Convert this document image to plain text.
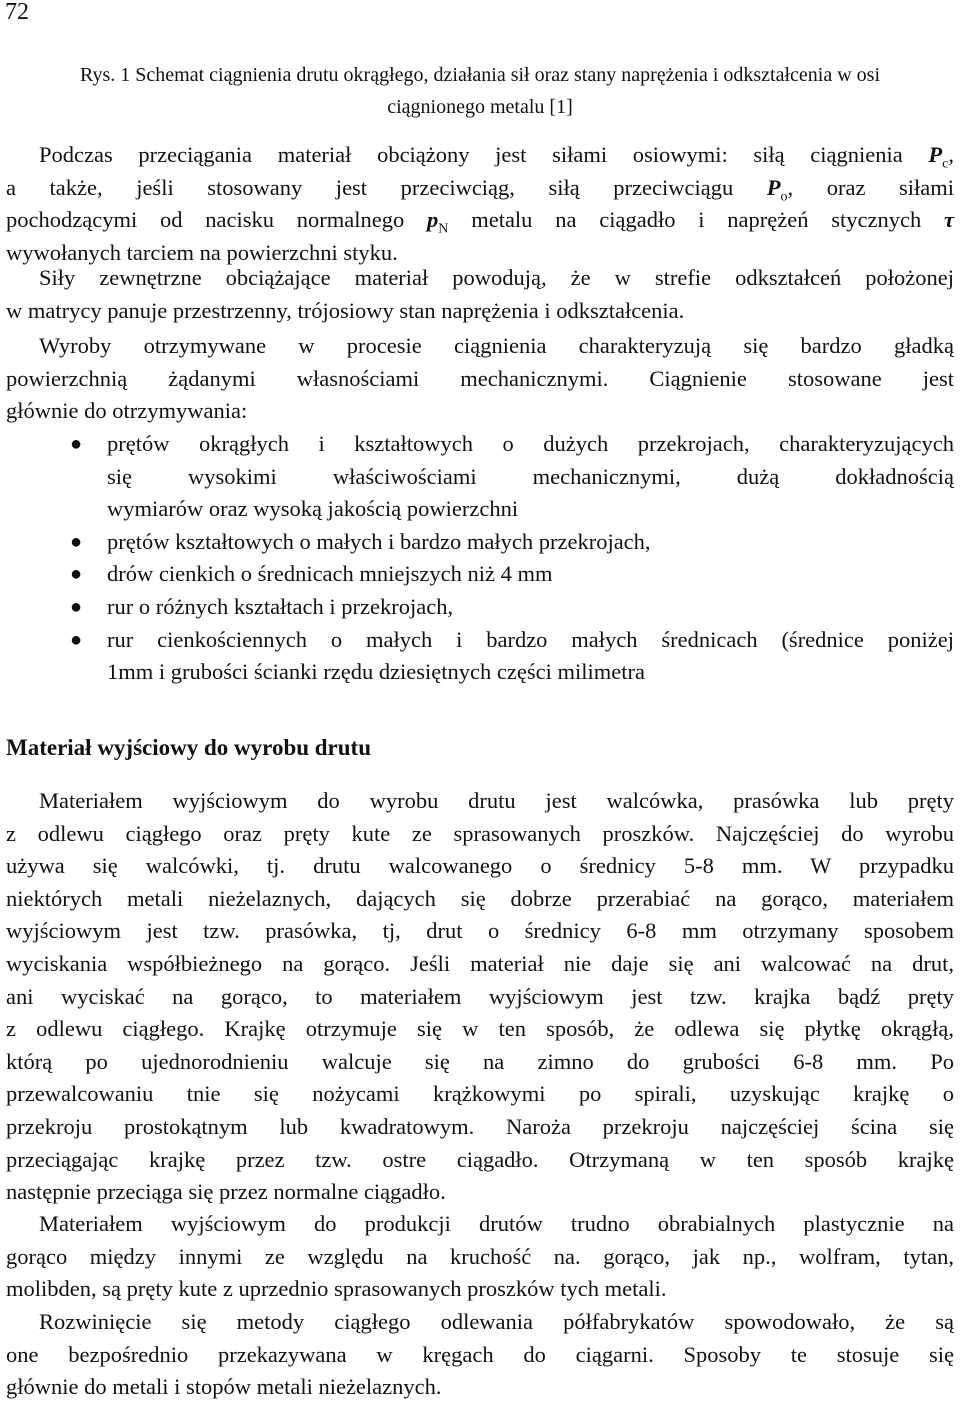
72
Rys. 1 Schemat ciągnienia drutu okrągłego, działania sił oraz stany naprężenia i odkształcenia w osi
ciągnionego metalu [1]
Podczas przeciągania materiał obciążony jest siłami osiowymi: siłą ciągnienia $P_c$,
a także, jeśli stosowany jest przeciwciąg, siłą przeciwciągu $P_o$, oraz siłami
pochodzącymi od nacisku normalnego $p_N$ metalu na ciągadło i naprężeń stycznych τ
wywołanych tarciem na powierzchni styku.
Siły zewnętrzne obciążające materiał powodują, że w strefie odkształceń położonej
w matrycy panuje przestrzenny, trójosiowy stan naprężenia i odkształcenia.
Wyroby otrzymywane w procesie ciągnienia charakteryzują się bardzo gładką
powierzchnią żądanymi własnościami mechanicznymi. Ciągnienie stosowane jest
głównie do otrzymywania:
● prętów okrągłych i kształtowych o dużych przekrojach, charakteryzujących
się wysokimi właściwościami mechanicznymi, dużą dokładnością
wymiarów oraz wysoką jakością powierzchni
● prętów kształtowych o małych i bardzo małych przekrojach,
● drów cienkich o średnicach mniejszych niż 4 mm
● rur o różnych kształtach i przekrojach,
● rur cienkościennych o małych i bardzo małych średnicach (średnice poniżej
1mm i grubości ścianki rzędu dziesiętnych części milimetra
Materiał wyjściowy do wyrobu drutu
Materiałem wyjściowym do wyrobu drutu jest walcówka, prasówka lub pręty
z odlewu ciągłego oraz pręty kute ze sprasowanych proszków. Najczęściej do wyrobu
używa się walcówki, tj. drutu walcowanego o średnicy 5-8 mm. W przypadku
niektórych metali nieżelaznych, dających się dobrze przerabiać na gorąco, materiałem
wyjściowym jest tzw. prasówka, tj, drut o średnicy 6-8 mm otrzymany sposobem
wyciskania współbieżnego na gorąco. Jeśli materiał nie daje się ani walcować na drut,
ani wyciskać na gorąco, to materiałem wyjściowym jest tzw. krajka bądź pręty
z odlewu ciągłego. Krajkę otrzymuje się w ten sposób, że odlewa się płytkę okrągłą,
którą po ujednorodnieniu walcuje się na zimno do grubości 6-8 mm. Po
przewalcowaniu tnie się nożycami krążkowymi po spirali, uzyskując krajkę o
przekroju prostokątnym lub kwadratowym. Naroża przekroju najczęściej ścina się
przeciągając krajkę przez tzw. ostre ciągadło. Otrzymaną w ten sposób krajkę
następnie przeciąga się przez normalne ciągadło.
Materiałem wyjściowym do produkcji drutów trudno obrabialnych plastycznie na
gorąco między innymi ze względu na kruchość na. gorąco, jak np., wolfram, tytan,
molibden, są pręty kute z uprzednio sprasowanych proszków tych metali.
Rozwinięcie się metody ciągłego odlewania półfabrykatów spowodowało, że są
one bezpośrednio przekazywana w kręgach do ciągarni. Sposoby te stosuje się
głównie do metali i stopów metali nieżelaznych.
